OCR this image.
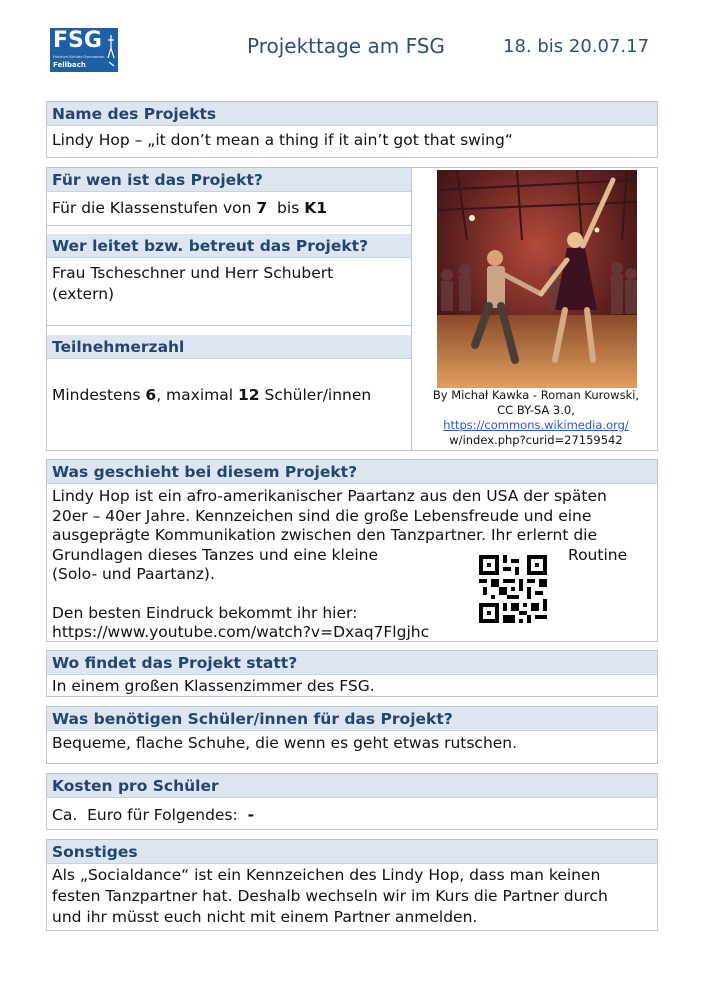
FSG
Friedrich-Schiller-Gymnasium
Fellbach
Projekttage am FSG	18. bis 20.07.17
Name des Projekts
Lindy Hop – „it don’t mean a thing if it ain’t got that swing“
Für wen ist das Projekt?
Für die Klassenstufen von 7  bis K1
Wer leitet bzw. betreut das Projekt?
Frau Tscheschner und Herr Schubert
(extern)
Teilnehmerzahl
Mindestens 6, maximal 12 Schüler/innen	By Michał Kawka - Roman Kurowski,
CC BY-SA 3.0,
https://commons.wikimedia.org/
w/index.php?curid=27159542
Was geschieht bei diesem Projekt?
Lindy Hop ist ein afro-amerikanischer Paartanz aus den USA der späten
20er – 40er Jahre. Kennzeichen sind die große Lebensfreude und eine
ausgeprägte Kommunikation zwischen den Tanzpartner. Ihr erlernt die
Grundlagen dieses Tanzes und eine kleine	Routine
(Solo- und Paartanz).
Den besten Eindruck bekommt ihr hier:
https://www.youtube.com/watch?v=Dxaq7Flgjhc
Wo findet das Projekt statt?
In einem großen Klassenzimmer des FSG.
Was benötigen Schüler/innen für das Projekt?
Bequeme, flache Schuhe, die wenn es geht etwas rutschen.
Kosten pro Schüler
Ca.  Euro für Folgendes:  -
Sonstiges
Als „Socialdance“ ist ein Kennzeichen des Lindy Hop, dass man keinen
festen Tanzpartner hat. Deshalb wechseln wir im Kurs die Partner durch
und ihr müsst euch nicht mit einem Partner anmelden.
